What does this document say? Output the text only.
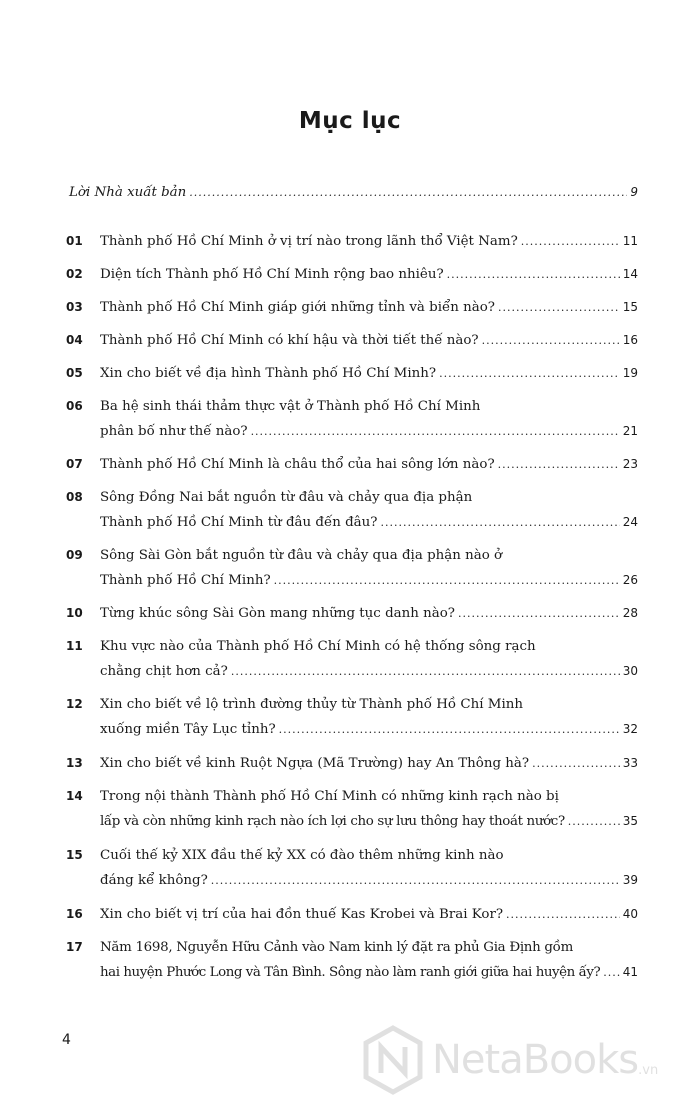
Mục lục
Lời Nhà xuất bản .....	9
01	Thành phố Hồ Chí Minh ở vị trí nào trong lãnh thổ Việt Nam? .....	11
02	Diện tích Thành phố Hồ Chí Minh rộng bao nhiêu? .....	14
03	Thành phố Hồ Chí Minh giáp giới những tỉnh và biển nào? .....	15
04	Thành phố Hồ Chí Minh có khí hậu và thời tiết thế nào? .....	16
05	Xin cho biết về địa hình Thành phố Hồ Chí Minh? .....	19
06	Ba hệ sinh thái thảm thực vật ở Thành phố Hồ Chí Minh
phân bố như thế nào? .....	21
07	Thành phố Hồ Chí Minh là châu thổ của hai sông lớn nào? .....	23
08	Sông Đồng Nai bắt nguồn từ đâu và chảy qua địa phận
Thành phố Hồ Chí Minh từ đâu đến đâu? .....	24
09	Sông Sài Gòn bắt nguồn từ đâu và chảy qua địa phận nào ở
Thành phố Hồ Chí Minh? .....	26
10	Từng khúc sông Sài Gòn mang những tục danh nào? .....	28
11	Khu vực nào của Thành phố Hồ Chí Minh có hệ thống sông rạch
chằng chịt hơn cả? .....	30
12	Xin cho biết về lộ trình đường thủy từ Thành phố Hồ Chí Minh
xuống miền Tây Lục tỉnh? .....	32
13	Xin cho biết về kinh Ruột Ngựa (Mã Trường) hay An Thông hà? .....	33
14	Trong nội thành Thành phố Hồ Chí Minh có những kinh rạch nào bị
lấp và còn những kinh rạch nào ích lợi cho sự lưu thông hay thoát nước? .....	35
15	Cuối thế kỷ XIX đầu thế kỷ XX có đào thêm những kinh nào
đáng kể không? .....	39
16	Xin cho biết vị trí của hai đồn thuế Kas Krobei và Brai Kor? .....	40
17	Năm 1698, Nguyễn Hữu Cảnh vào Nam kinh lý đặt ra phủ Gia Định gồm
hai huyện Phước Long và Tân Bình. Sông nào làm ranh giới giữa hai huyện ấy? ..... 41
4	NetaBooks .vn
